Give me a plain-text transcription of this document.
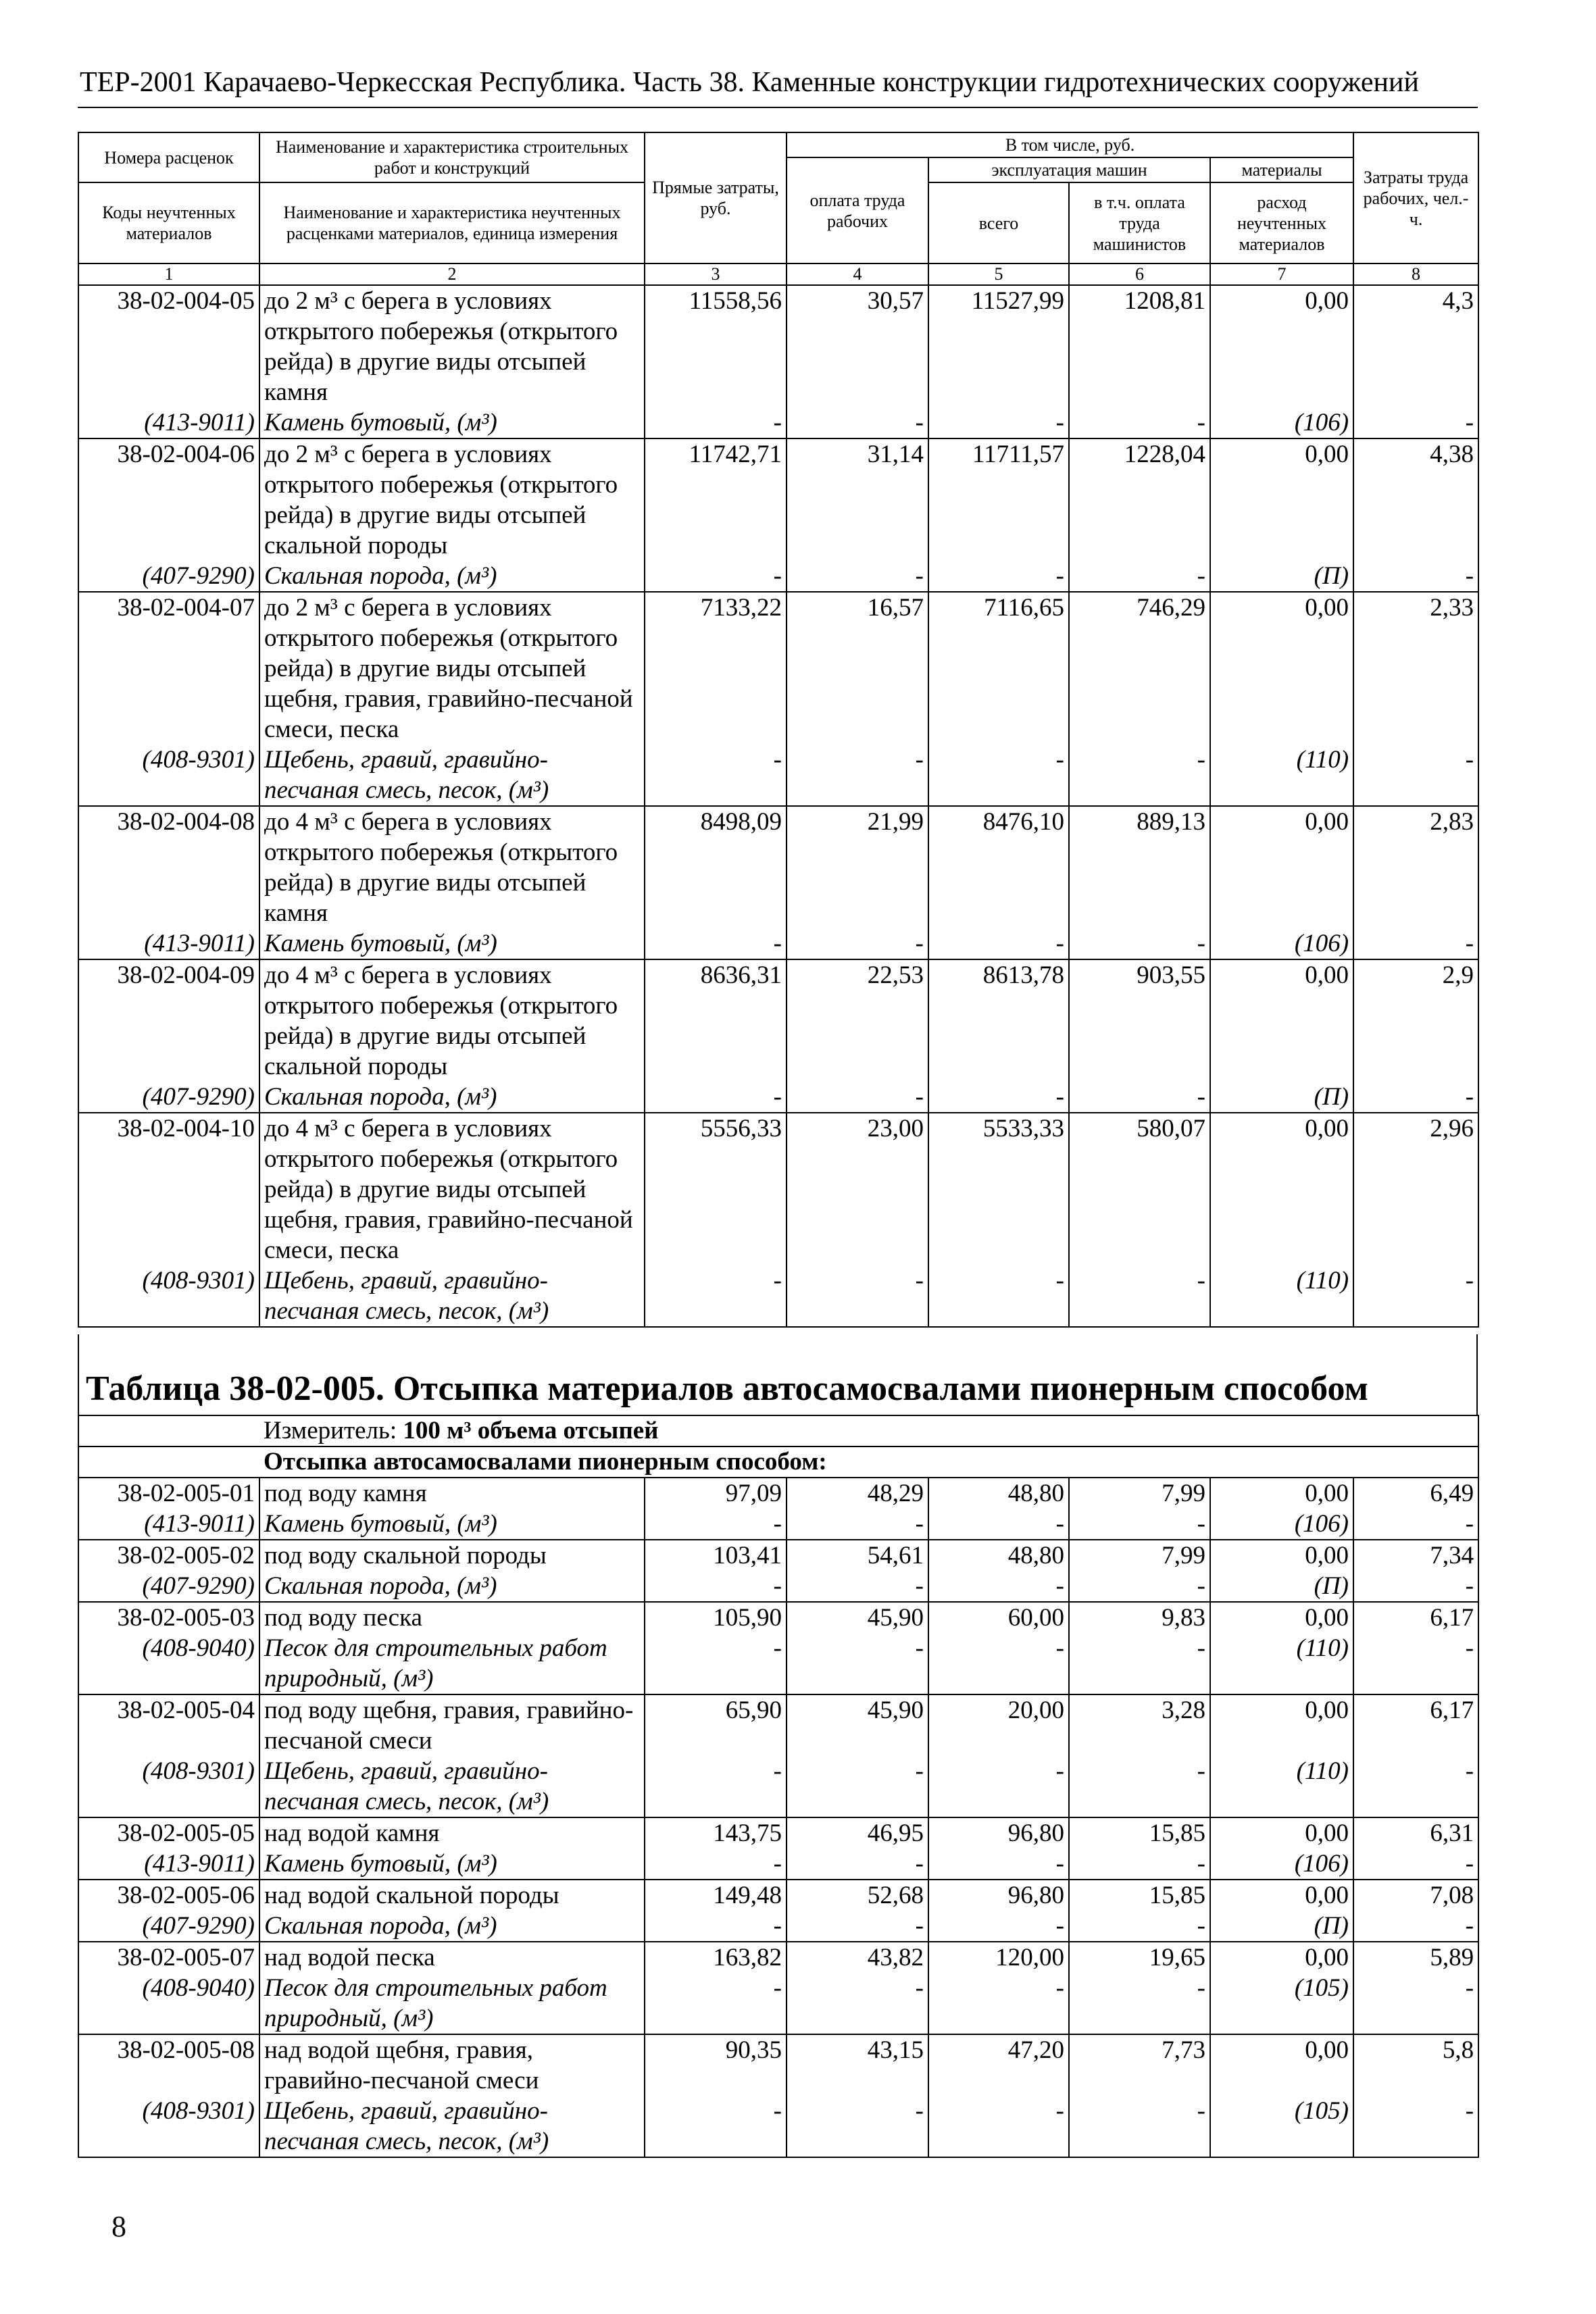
ТЕР-2001 Карачаево-Черкесская Республика. Часть 38. Каменные конструкции гидротехнических сооружений
Номера расценок	Наименование и характеристика строительных работ и конструкций	Прямые затраты, руб.	В том числе, руб.				Затраты труда рабочих, чел.-ч.
			оплата труда рабочих	эксплуатация машин		материалы	
Коды неучтенных материалов	Наименование и характеристика неучтенных расценками материалов, единица измерения			всего	в т.ч. оплата труда машинистов	расход неучтенных материалов	

1	2	3	4	5	6	7	8
38-02-004-05	до 2 м³ с берега в условиях открытого побережья (открытого рейда) в другие виды отсыпей камня	11558,56	30,57	11527,99	1208,81	0,00	4,3
(413-9011)	Камень бутовый, (м³)	-	-	-	-	(106)	-
38-02-004-06	до 2 м³ с берега в условиях открытого побережья (открытого рейда) в другие виды отсыпей скальной породы	11742,71	31,14	11711,57	1228,04	0,00	4,38
(407-9290)	Скальная порода, (м³)	-	-	-	-	(П)	-
38-02-004-07	до 2 м³ с берега в условиях открытого побережья (открытого рейда) в другие виды отсыпей щебня, гравия, гравийно-песчаной смеси, песка	7133,22	16,57	7116,65	746,29	0,00	2,33
(408-9301)	Щебень, гравий, гравийно-песчаная смесь, песок, (м³)	-	-	-	-	(110)	-
38-02-004-08	до 4 м³ с берега в условиях открытого побережья (открытого рейда) в другие виды отсыпей камня	8498,09	21,99	8476,10	889,13	0,00	2,83
(413-9011)	Камень бутовый, (м³)	-	-	-	-	(106)	-
38-02-004-09	до 4 м³ с берега в условиях открытого побережья (открытого рейда) в другие виды отсыпей скальной породы	8636,31	22,53	8613,78	903,55	0,00	2,9
(407-9290)	Скальная порода, (м³)	-	-	-	-	(П)	-
38-02-004-10	до 4 м³ с берега в условиях открытого побережья (открытого рейда) в другие виды отсыпей щебня, гравия, гравийно-песчаной смеси, песка	5556,33	23,00	5533,33	580,07	0,00	2,96
(408-9301)	Щебень, гравий, гравийно-песчаная смесь, песок, (м³)	-	-	-	-	(110)	-
Таблица 38-02-005. Отсыпка материалов автосамосвалами пионерным способом
	Измеритель: 100 м³ объема отсыпей						
	Отсыпка автосамосвалами пионерным способом:						
38-02-005-01	под воду камня	97,09	48,29	48,80	7,99	0,00	6,49
(413-9011)	Камень бутовый, (м³)	-	-	-	-	(106)	-
38-02-005-02	под воду скальной породы	103,41	54,61	48,80	7,99	0,00	7,34
(407-9290)	Скальная порода, (м³)	-	-	-	-	(П)	-
38-02-005-03	под воду песка	105,90	45,90	60,00	9,83	0,00	6,17
(408-9040)	Песок для строительных работ природный, (м³)	-	-	-	-	(110)	-
38-02-005-04	под воду щебня, гравия, гравийно-песчаной смеси	65,90	45,90	20,00	3,28	0,00	6,17
(408-9301)	Щебень, гравий, гравийно-песчаная смесь, песок, (м³)	-	-	-	-	(110)	-
38-02-005-05	над водой камня	143,75	46,95	96,80	15,85	0,00	6,31
(413-9011)	Камень бутовый, (м³)	-	-	-	-	(106)	-
38-02-005-06	над водой скальной породы	149,48	52,68	96,80	15,85	0,00	7,08
(407-9290)	Скальная порода, (м³)	-	-	-	-	(П)	-
38-02-005-07	над водой песка	163,82	43,82	120,00	19,65	0,00	5,89
(408-9040)	Песок для строительных работ природный, (м³)	-	-	-	-	(105)	-
38-02-005-08	над водой щебня, гравия, гравийно-песчаной смеси	90,35	43,15	47,20	7,73	0,00	5,8
(408-9301)	Щебень, гравий, гравийно-песчаная смесь, песок, (м³)	-	-	-	-	(105)	-
8
